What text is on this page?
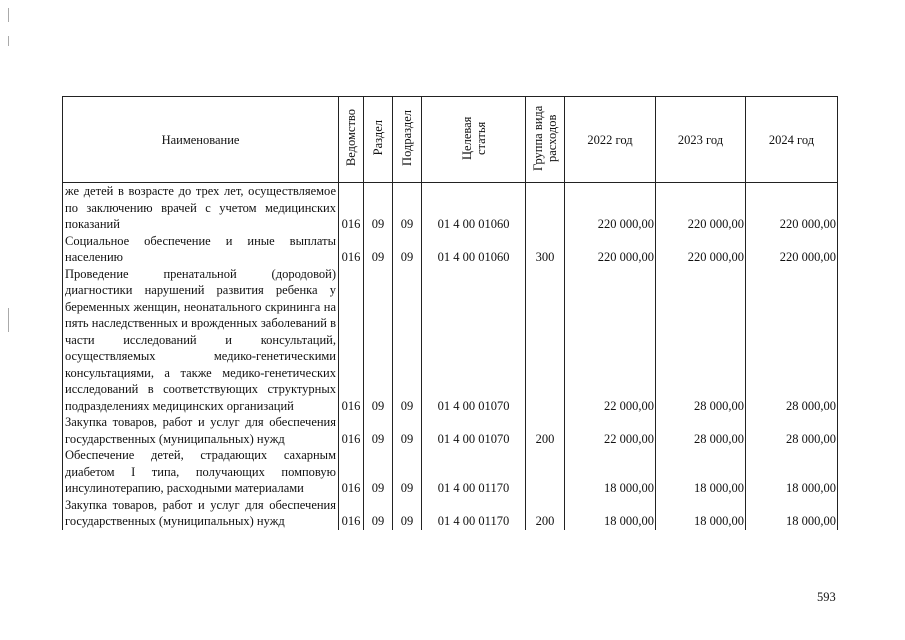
Наименование	Ведомство	Раздел	Подраздел	Целевая статья	Группа вида расходов	2022 год	2023 год	2024 год
же детей в возрасте до трех лет, осуществляемое по заключению врачей с учетом медицинских показаний	016	09	09	01 4 00 01060		220 000,00	220 000,00	220 000,00
Социальное обеспечение и иные выплаты населению	016	09	09	01 4 00 01060	300	220 000,00	220 000,00	220 000,00
Проведение пренатальной (дородовой) диагностики нарушений развития ребенка у беременных женщин, неонатального скрининга на пять наследственных и врожденных заболеваний в части исследований и консультаций, осуществляемых медико-генетическими консультациями, а также медико-генетических исследований в соответствующих структурных подразделениях медицинских организаций	016	09	09	01 4 00 01070		22 000,00	28 000,00	28 000,00
Закупка товаров, работ и услуг для обеспечения государственных (муниципальных) нужд	016	09	09	01 4 00 01070	200	22 000,00	28 000,00	28 000,00
Обеспечение детей, страдающих сахарным диабетом I типа, получающих помповую инсулинотерапию, расходными материалами	016	09	09	01 4 00 01170		18 000,00	18 000,00	18 000,00
Закупка товаров, работ и услуг для обеспечения государственных (муниципальных) нужд	016	09	09	01 4 00 01170	200	18 000,00	18 000,00	18 000,00
593
